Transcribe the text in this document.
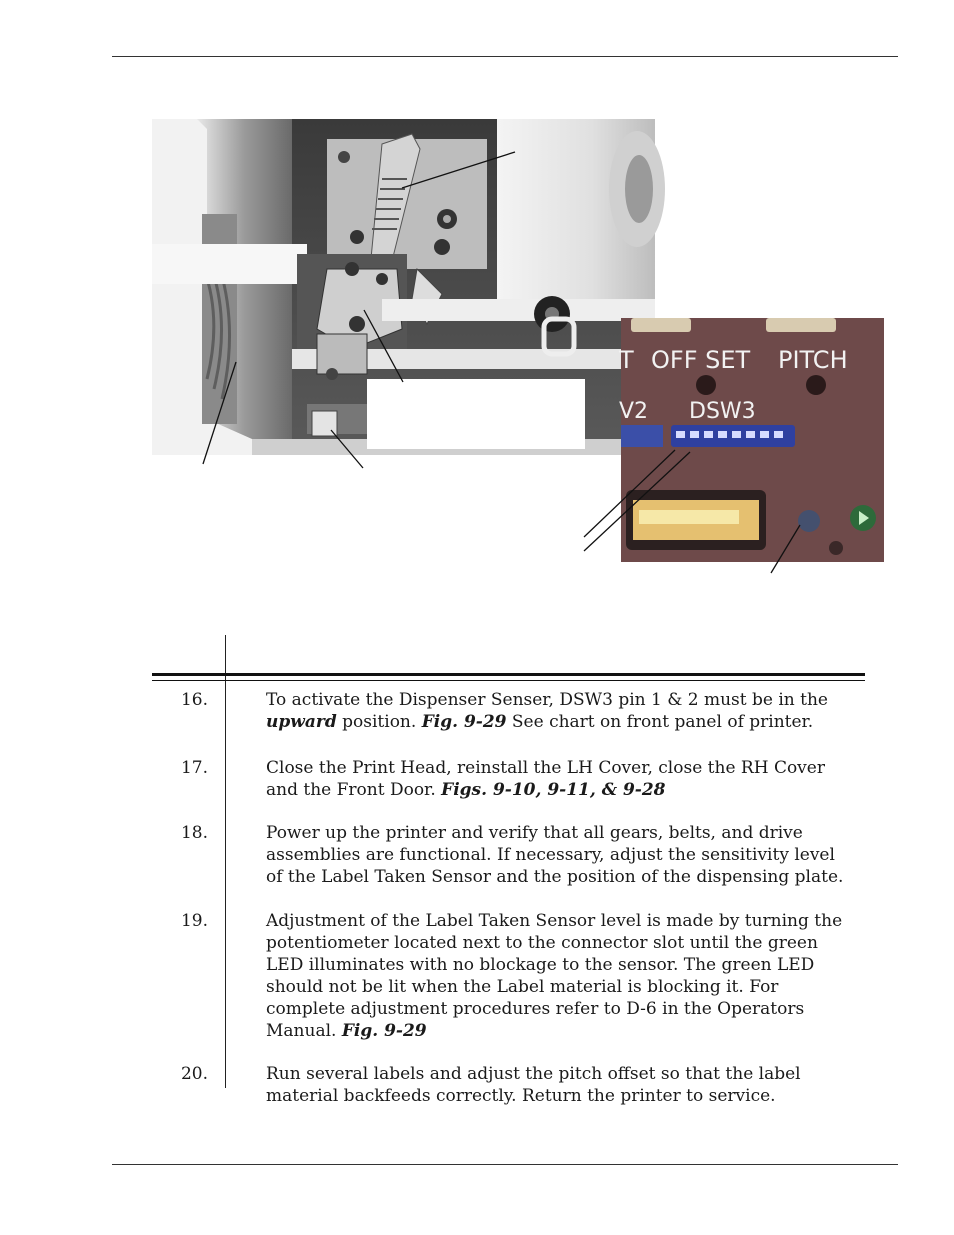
T OFF SET PITCH
V2 DSW3
16.	To activate the Dispenser Senser, DSW3 pin 1 & 2 must be in the
upward position. Fig. 9-29 See chart on front panel of printer.
17.	Close the Print Head, reinstall the LH Cover, close the RH Cover
and the Front Door. Figs. 9-10, 9-11, & 9-28
18.	Power up the printer and verify that all gears, belts, and drive
assemblies are functional. If necessary, adjust the sensitivity level
of the Label Taken Sensor and the position of the dispensing plate.
19.	Adjustment of the Label Taken Sensor level is made by turning the
potentiometer located next to the connector slot until the green
LED illuminates with no blockage to the sensor. The green LED
should not be lit when the Label material is blocking it. For
complete adjustment procedures refer to D-6 in the Operators
Manual. Fig. 9-29
20.	Run several labels and adjust the pitch offset so that the label
material backfeeds correctly. Return the printer to service.
